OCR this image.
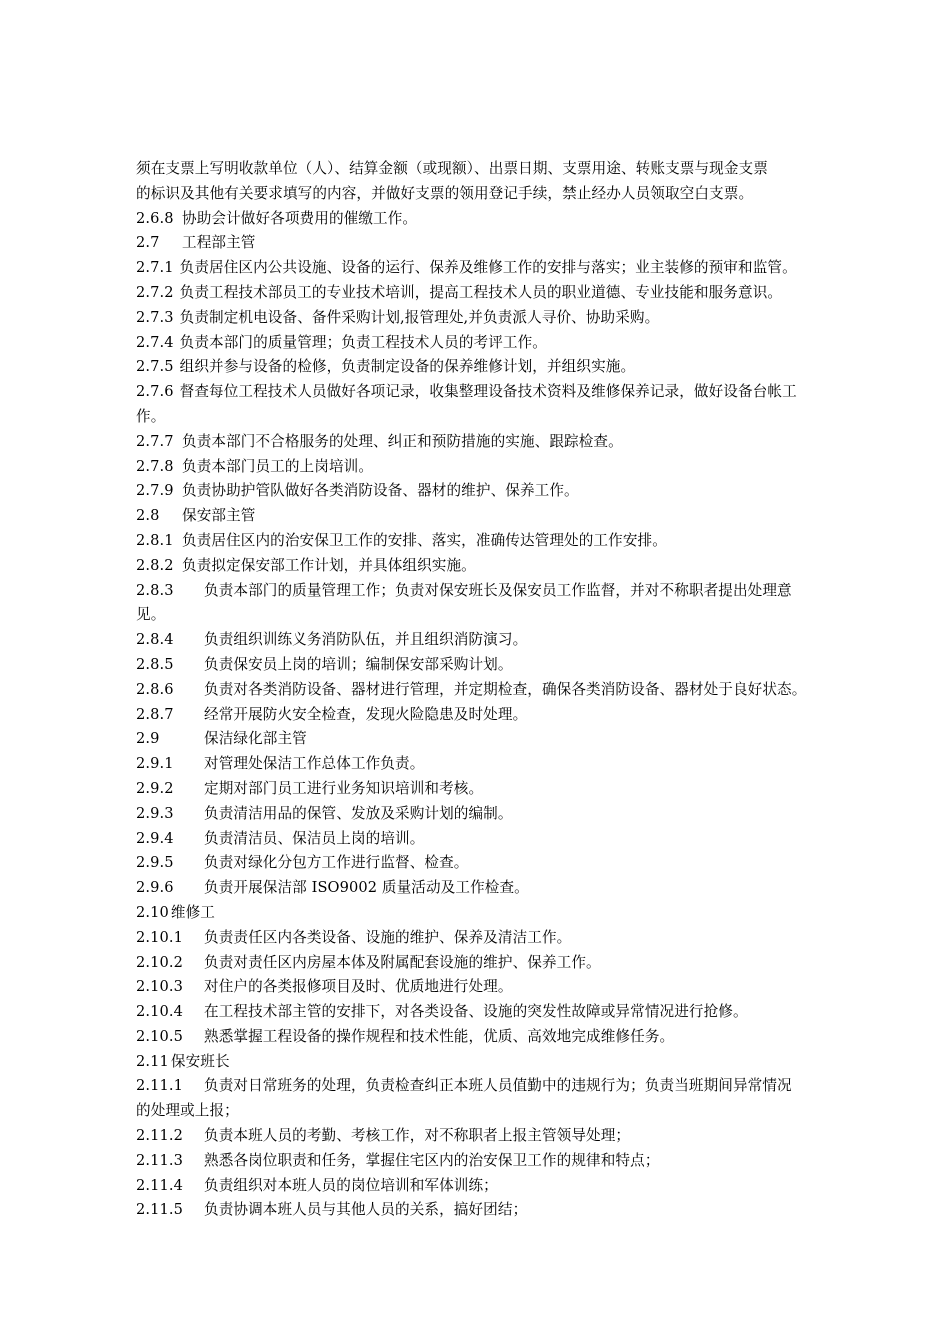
须在支票上写明收款单位（人）、结算金额（或现额）、出票日期、支票用途、转账支票与现金支票
的标识及其他有关要求填写的内容，并做好支票的领用登记手续，禁止经办人员领取空白支票。
2.6.8 协助会计做好各项费用的催缴工作。
2.7 工程部主管
2.7.1 负责居住区内公共设施、设备的运行、保养及维修工作的安排与落实；业主装修的预审和监管。
2.7.2 负责工程技术部员工的专业技术培训，提高工程技术人员的职业道德、专业技能和服务意识。
2.7.3 负责制定机电设备、备件采购计划,报管理处,并负责派人寻价、协助采购。
2.7.4 负责本部门的质量管理；负责工程技术人员的考评工作。
2.7.5 组织并参与设备的检修，负责制定设备的保养维修计划，并组织实施。
2.7.6 督查每位工程技术人员做好各项记录，收集整理设备技术资料及维修保养记录，做好设备台帐工
作。
2.7.7 负责本部门不合格服务的处理、纠正和预防措施的实施、跟踪检查。
2.7.8 负责本部门员工的上岗培训。
2.7.9 负责协助护管队做好各类消防设备、器材的维护、保养工作。
2.8 保安部主管
2.8.1 负责居住区内的治安保卫工作的安排、落实，准确传达管理处的工作安排。
2.8.2 负责拟定保安部工作计划，并具体组织实施。
2.8.3 负责本部门的质量管理工作；负责对保安班长及保安员工作监督，并对不称职者提出处理意
见。
2.8.4 负责组织训练义务消防队伍，并且组织消防演习。
2.8.5 负责保安员上岗的培训；编制保安部采购计划。
2.8.6 负责对各类消防设备、器材进行管理，并定期检查，确保各类消防设备、器材处于良好状态。
2.8.7 经常开展防火安全检查，发现火险隐患及时处理。
2.9	保洁绿化部主管
2.9.1 对管理处保洁工作总体工作负责。
2.9.2 定期对部门员工进行业务知识培训和考核。
2.9.3 负责清洁用品的保管、发放及采购计划的编制。
2.9.4 负责清洁员、保洁员上岗的培训。
2.9.5 负责对绿化分包方工作进行监督、检查。
2.9.6 负责开展保洁部 ISO9002 质量活动及工作检查。
2.10 维修工
2.10.1 负责责任区内各类设备、设施的维护、保养及清洁工作。
2.10.2 负责对责任区内房屋本体及附属配套设施的维护、保养工作。
2.10.3 对住户的各类报修项目及时、优质地进行处理。
2.10.4 在工程技术部主管的安排下，对各类设备、设施的突发性故障或异常情况进行抢修。
2.10.5 熟悉掌握工程设备的操作规程和技术性能，优质、高效地完成维修任务。
2.11 保安班长
2.11.1 负责对日常班务的处理，负责检查纠正本班人员值勤中的违规行为；负责当班期间异常情况
的处理或上报；
2.11.2 负责本班人员的考勤、考核工作，对不称职者上报主管领导处理；
2.11.3 熟悉各岗位职责和任务，掌握住宅区内的治安保卫工作的规律和特点；
2.11.4 负责组织对本班人员的岗位培训和军体训练；
2.11.5 负责协调本班人员与其他人员的关系，搞好团结；
